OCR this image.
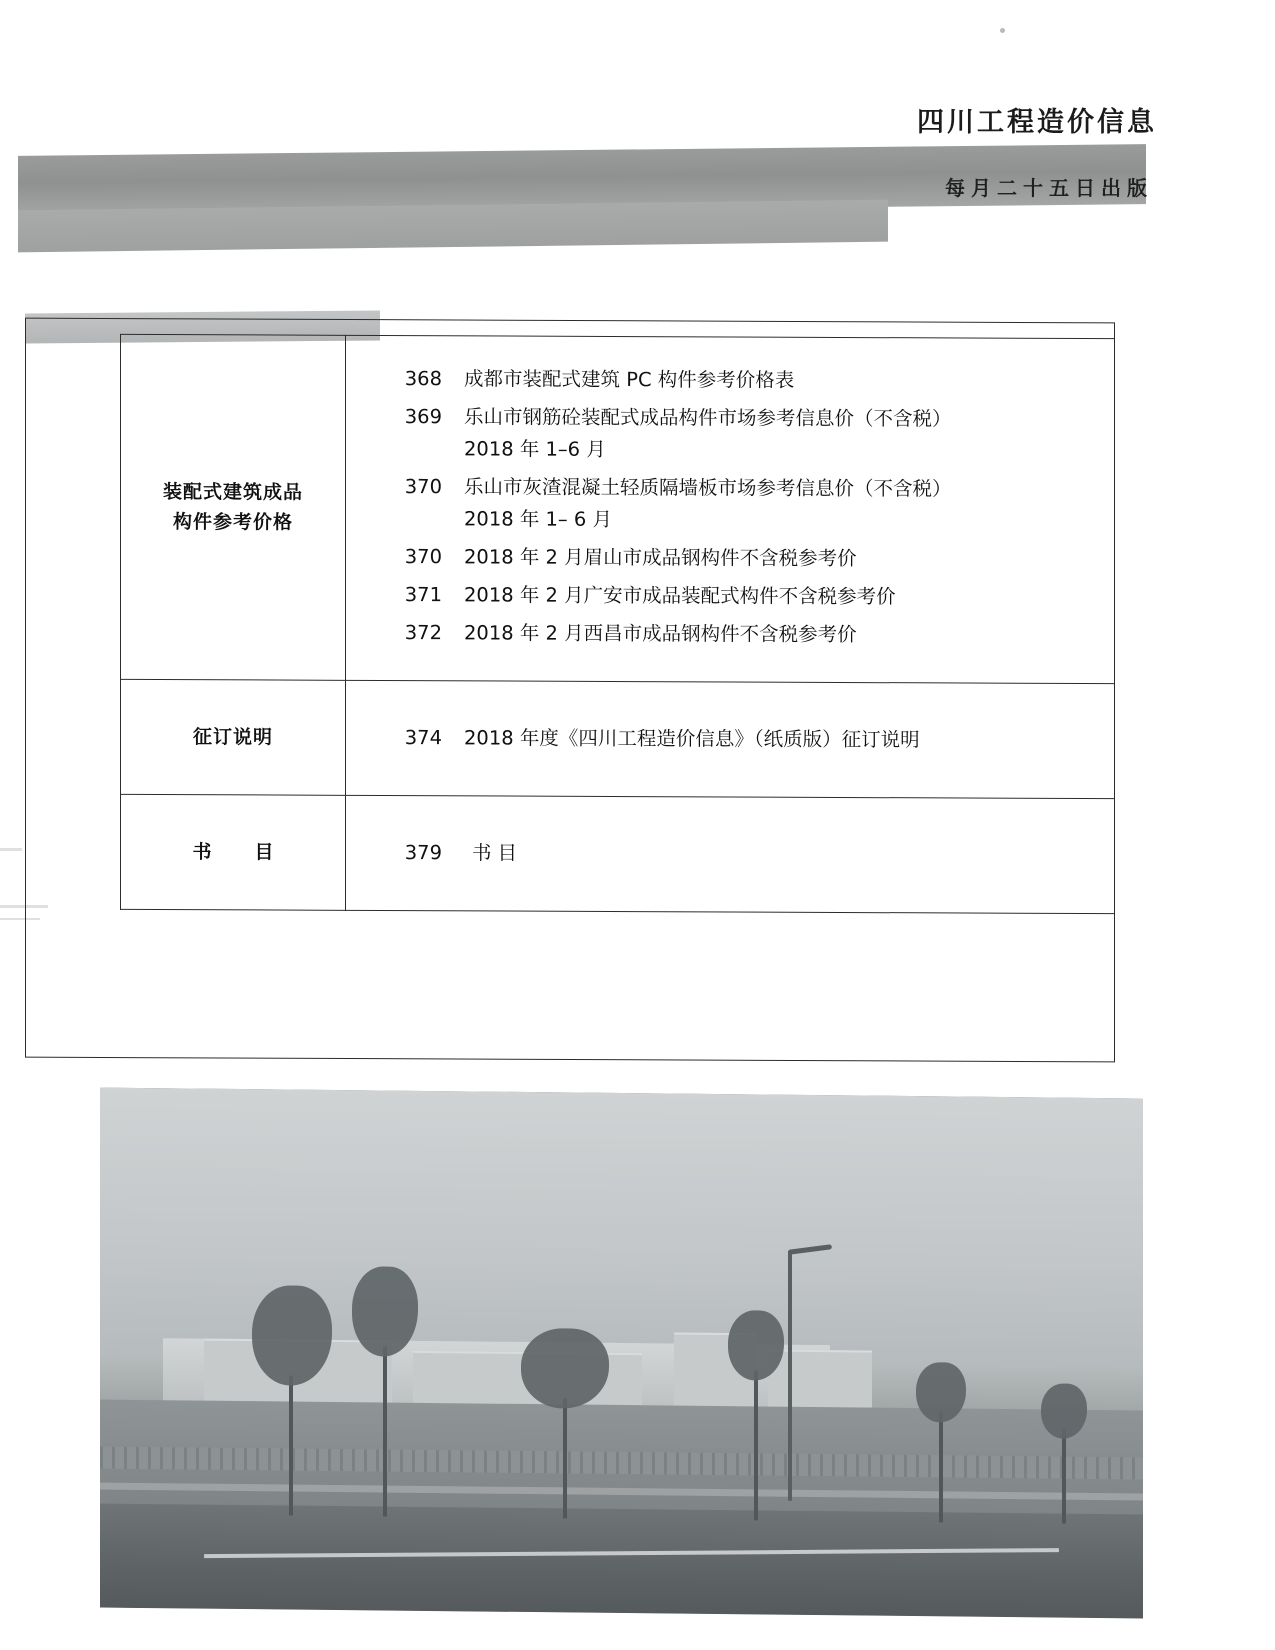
四川工程造价信息
每月二十五日出版
装配式建筑成品
构件参考价格

368 成都市装配式建筑 PC 构件参考价格表
369 乐山市钢筋砼装配式成品构件市场参考信息价（不含税）
2018 年 1–6 月
370 乐山市灰渣混凝土轻质隔墙板市场参考信息价（不含税）
2018 年 1– 6 月
370 2018 年 2 月眉山市成品钢构件不含税参考价
371 2018 年 2 月广安市成品装配式构件不含税参考价
372 2018 年 2 月西昌市成品钢构件不含税参考价

征订说明	374 2018 年度《四川工程造价信息》（纸质版）征订说明

书　目	379 书目
